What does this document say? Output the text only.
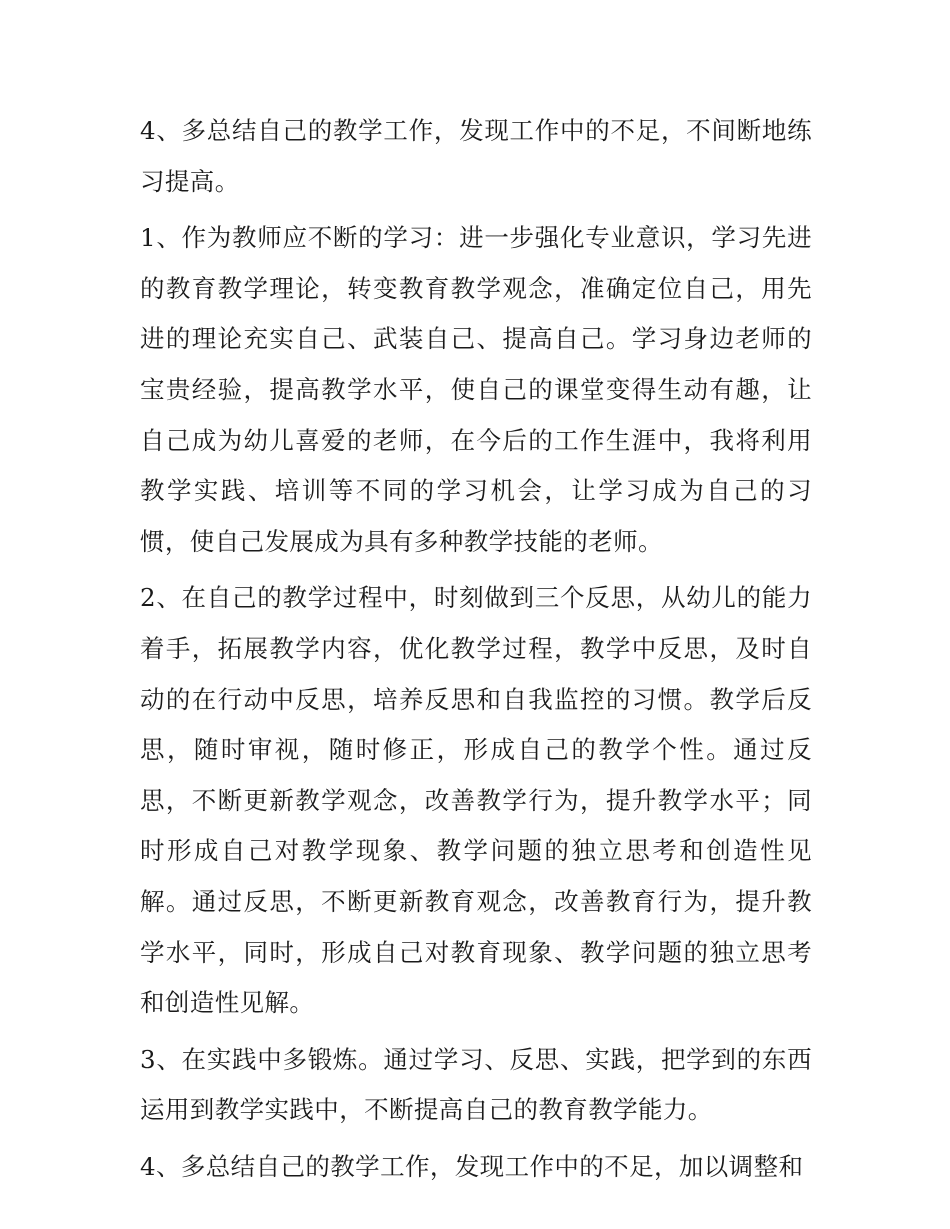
4、多总结自己的教学工作，发现工作中的不足，不间断地练习提高。

1、作为教师应不断的学习：进一步强化专业意识，学习先进的教育教学理论，转变教育教学观念，准确定位自己，用先进的理论充实自己、武装自己、提高自己。学习身边老师的宝贵经验，提高教学水平，使自己的课堂变得生动有趣，让自己成为幼儿喜爱的老师，在今后的工作生涯中，我将利用教学实践、培训等不同的学习机会，让学习成为自己的习惯，使自己发展成为具有多种教学技能的老师。

2、在自己的教学过程中，时刻做到三个反思，从幼儿的能力着手，拓展教学内容，优化教学过程，教学中反思，及时自动的在行动中反思，培养反思和自我监控的习惯。教学后反思，随时审视，随时修正，形成自己的教学个性。通过反思，不断更新教学观念，改善教学行为，提升教学水平；同时形成自己对教学现象、教学问题的独立思考和创造性见解。通过反思，不断更新教育观念，改善教育行为，提升教学水平，同时，形成自己对教育现象、教学问题的独立思考和创造性见解。

3、在实践中多锻炼。通过学习、反思、实践，把学到的东西运用到教学实践中，不断提高自己的教育教学能力。

4、多总结自己的教学工作，发现工作中的不足，加以调整和
